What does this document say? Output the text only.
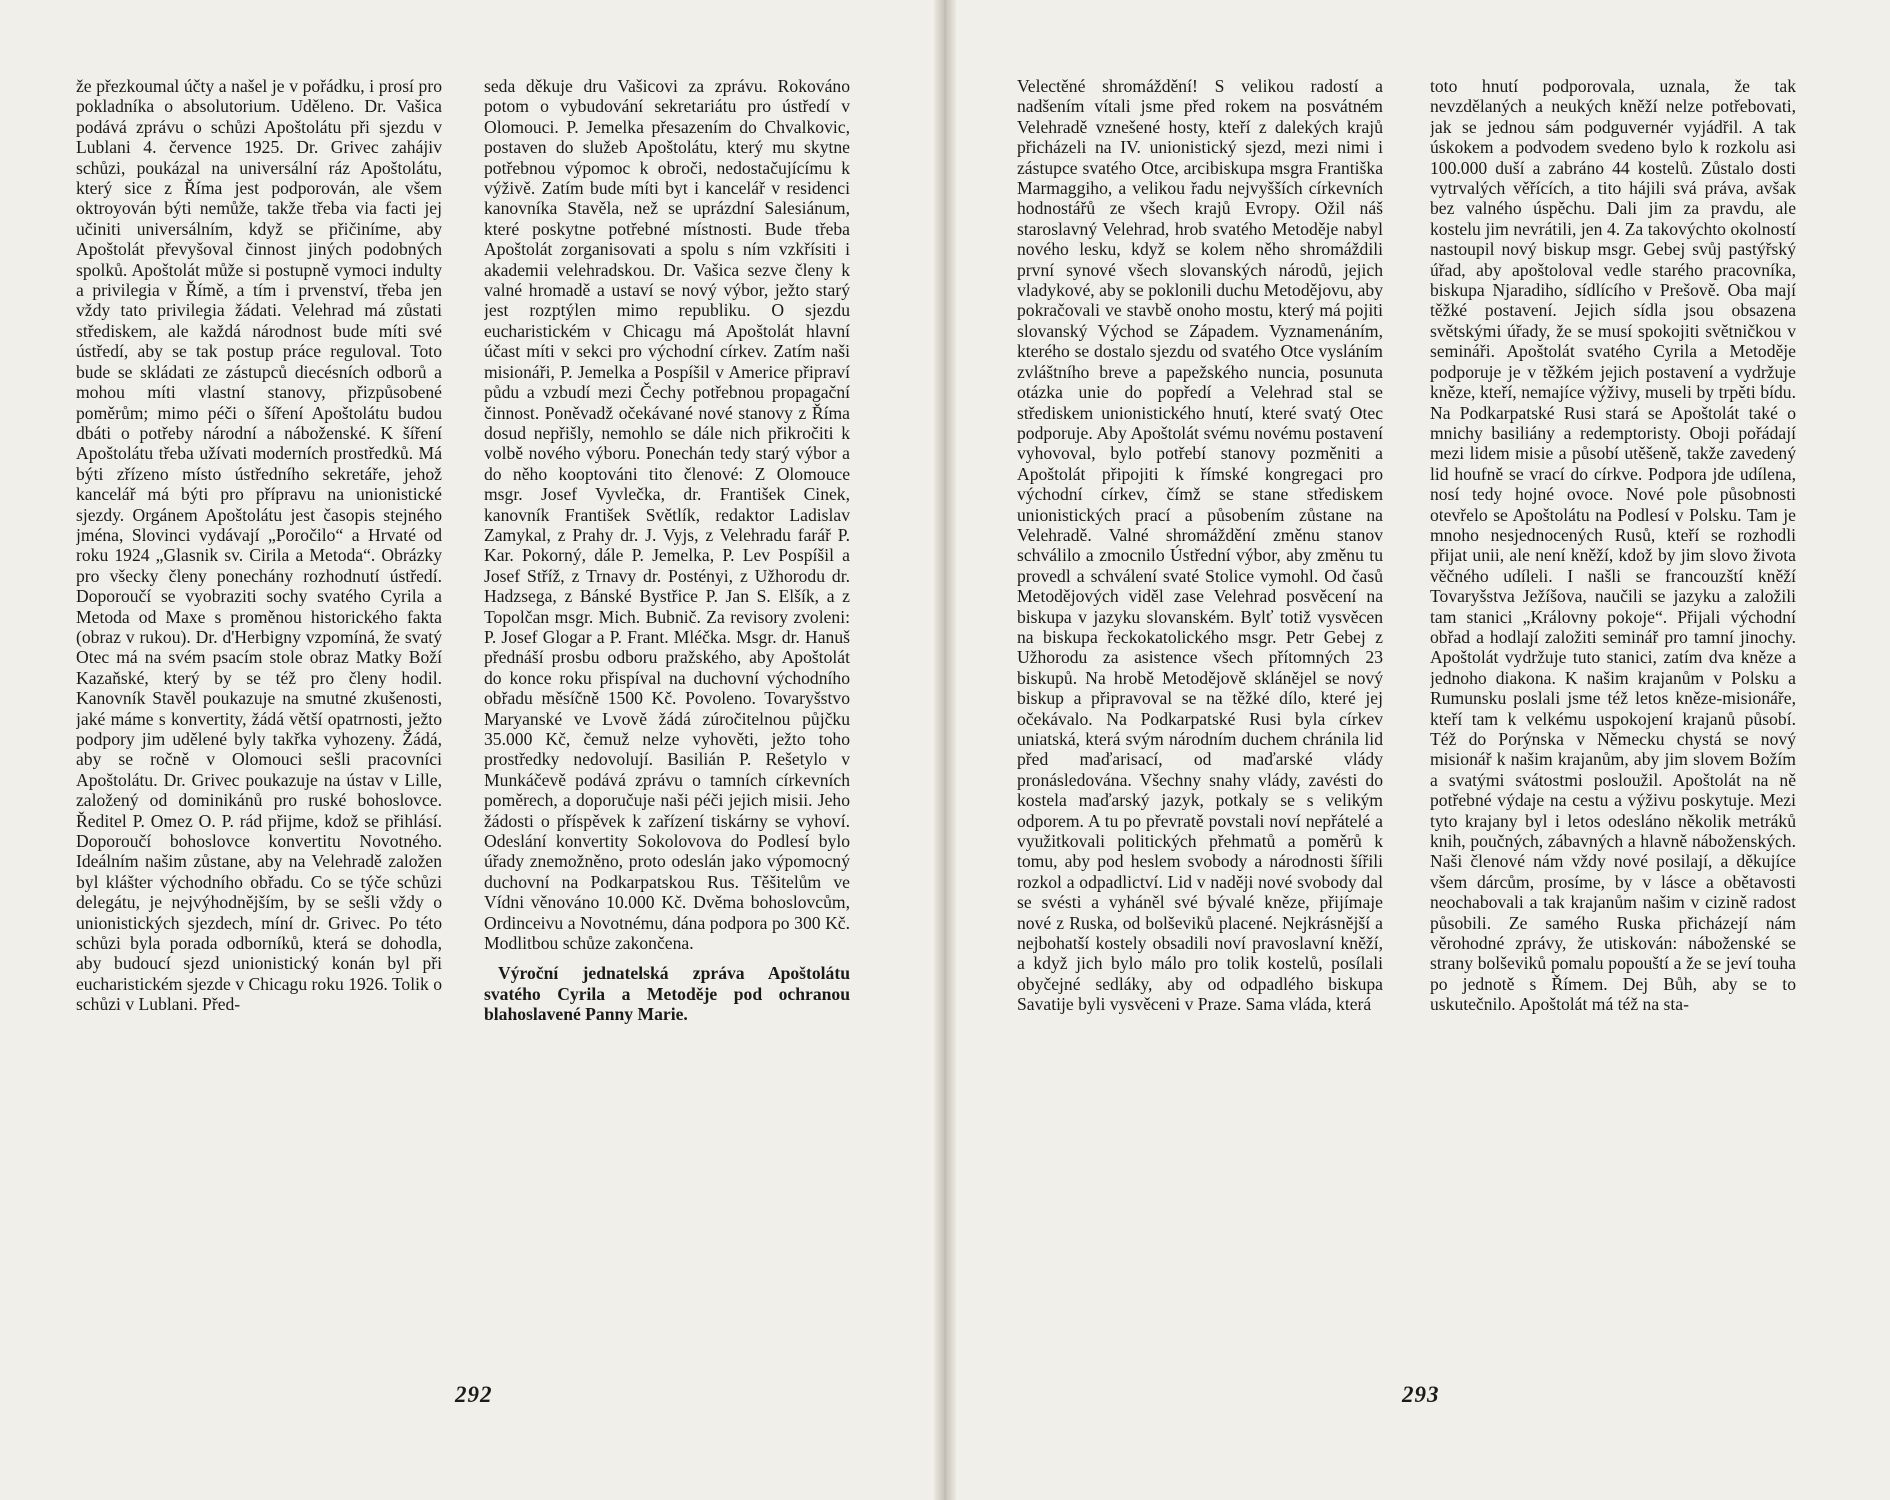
že přezkoumal účty a našel je v pořádku, i prosí pro pokladníka o absolutorium. Uděleno. Dr. Vašica podává zprávu o schůzi Apoštolátu při sjezdu v Lublani 4. července 1925. Dr. Grivec zahájiv schůzi, poukázal na universální ráz Apoštolátu, který sice z Říma jest podporován, ale všem oktroyován býti nemůže, takže třeba via facti jej učiniti universálním, když se přičiníme, aby Apoštolát převyšoval činnost jiných podobných spolků. Apoštolát může si postupně vymoci indulty a privilegia v Římě, a tím i prvenství, třeba jen vždy tato privilegia žádati. Velehrad má zůstati střediskem, ale každá národnost bude míti své ústředí, aby se tak postup práce reguloval. Toto bude se skládati ze zástupců diecésních odborů a mohou míti vlastní stanovy, přizpůsobené poměrům; mimo péči o šíření Apoštolátu budou dbáti o potřeby národní a náboženské. K šíření Apoštolátu třeba užívati moderních prostředků. Má býti zřízeno místo ústředního sekretáře, jehož kancelář má býti pro přípravu na unionistické sjezdy. Orgánem Apoštolátu jest časopis stejného jména, Slovinci vydávají „Poročilo“ a Hrvaté od roku 1924 „Glasnik sv. Cirila a Metoda“. Obrázky pro všecky členy ponechány rozhodnutí ústředí. Doporoučí se vyobraziti sochy svatého Cyrila a Metoda od Maxe s proměnou historického fakta (obraz v rukou). Dr. d'Herbigny vzpomíná, že svatý Otec má na svém psacím stole obraz Matky Boží Kazaňské, který by se též pro členy hodil. Kanovník Stavěl poukazuje na smutné zkušenosti, jaké máme s konvertity, žádá větší opatrnosti, ježto podpory jim udělené byly takřka vyhozeny. Žádá, aby se ročně v Olomouci sešli pracovníci Apoštolátu. Dr. Grivec poukazuje na ústav v Lille, založený od dominikánů pro ruské bohoslovce. Ředitel P. Omez O. P. rád přijme, kdož se přihlásí. Doporoučí bohoslovce konvertitu Novotného. Ideálním našim zůstane, aby na Velehradě založen byl klášter východního obřadu. Co se týče schůzi delegátu, je nejvýhodnějším, by se sešli vždy o unionistických sjezdech, míní dr. Grivec. Po této schůzi byla porada odborníků, která se dohodla, aby budoucí sjezd unionistický konán byl při eucharistickém sjezde v Chicagu roku 1926. Tolik o schůzi v Lublani. Před-

seda děkuje dru Vašicovi za zprávu. Rokováno potom o vybudování sekretariátu pro ústředí v Olomouci. P. Jemelka přesazením do Chvalkovic, postaven do služeb Apoštolátu, který mu skytne potřebnou výpomoc k obroči, nedostačujícímu k výživě. Zatím bude míti byt i kancelář v residenci kanovníka Stavěla, než se uprázdní Salesiánum, které poskytne potřebné místnosti. Bude třeba Apoštolát zorganisovati a spolu s ním vzkřísiti i akademii velehradskou. Dr. Vašica sezve členy k valné hromadě a ustaví se nový výbor, ježto starý jest rozptýlen mimo republiku. O sjezdu eucharistickém v Chicagu má Apoštolát hlavní účast míti v sekci pro východní církev. Zatím naši misionáři, P. Jemelka a Pospíšil v Americe připraví půdu a vzbudí mezi Čechy potřebnou propagační činnost. Poněvadž očekávané nové stanovy z Říma dosud nepřišly, nemohlo se dále nich přikročiti k volbě nového výboru. Ponechán tedy starý výbor a do něho kooptováni tito členové: Z Olomouce msgr. Josef Vyvlečka, dr. František Cinek, kanovník František Světlík, redaktor Ladislav Zamykal, z Prahy dr. J. Vyjs, z Velehradu farář P. Kar. Pokorný, dále P. Jemelka, P. Lev Pospíšil a Josef Stříž, z Trnavy dr. Postényi, z Užhorodu dr. Hadzsega, z Bánské Bystřice P. Jan S. Elšík, a z Topolčan msgr. Mich. Bubnič. Za revisory zvoleni: P. Josef Glogar a P. Frant. Mléčka. Msgr. dr. Hanuš přednáší prosbu odboru pražského, aby Apoštolát do konce roku přispíval na duchovní východního obřadu měsíčně 1500 Kč. Povoleno. Tovaryšstvo Maryanské ve Lvově žádá zúročitelnou půjčku 35.000 Kč, čemuž nelze vyhověti, ježto toho prostředky nedovolují. Basilián P. Rešetylo v Munkáčevě podává zprávu o tamních církevních poměrech, a doporučuje naši péči jejich misii. Jeho žádosti o příspěvek k zařízení tiskárny se vyhoví. Odeslání konvertity Sokolovova do Podlesí bylo úřady znemožněno, proto odeslán jako výpomocný duchovní na Podkarpatskou Rus. Těšitelům ve Vídni věnováno 10.000 Kč. Dvěma bohoslovcům, Ordinceivu a Novotnému, dána podpora po 300 Kč. Modlitbou schůze zakončena.

Výroční jednatelská zpráva Apoštolátu svatého Cyrila a Metoděje pod ochranou blahoslavené Panny Marie.

292

Velectěné shromáždění! S velikou radostí a nadšením vítali jsme před rokem na posvátném Velehradě vznešené hosty, kteří z dalekých krajů přicházeli na IV. unionistický sjezd, mezi nimi i zástupce svatého Otce, arcibiskupa msgra Františka Marmaggiho, a velikou řadu nejvyšších církevních hodnostářů ze všech krajů Evropy. Ožil náš staroslavný Velehrad, hrob svatého Metoděje nabyl nového lesku, když se kolem něho shromáždili první synové všech slovanských národů, jejich vladykové, aby se poklonili duchu Metodějovu, aby pokračovali ve stavbě onoho mostu, který má pojiti slovanský Východ se Západem. Vyznamenáním, kterého se dostalo sjezdu od svatého Otce vysláním zvláštního breve a papežského nuncia, posunuta otázka unie do popředí a Velehrad stal se střediskem unionistického hnutí, které svatý Otec podporuje. Aby Apoštolát svému novému postavení vyhovoval, bylo potřebí stanovy pozměniti a Apoštolát připojiti k římské kongregaci pro východní církev, čímž se stane střediskem unionistických prací a působením zůstane na Velehradě. Valné shromáždění změnu stanov schválilo a zmocnilo Ústřední výbor, aby změnu tu provedl a schválení svaté Stolice vymohl. Od časů Metodějových viděl zase Velehrad posvěcení na biskupa v jazyku slovanském. Bylť totiž vysvěcen na biskupa řeckokatolického msgr. Petr Gebej z Užhorodu za asistence všech přítomných 23 biskupů. Na hrobě Metodějově sklánějel se nový biskup a připravoval se na těžké dílo, které jej očekávalo. Na Podkarpatské Rusi byla církev uniatská, která svým národním duchem chránila lid před maďarisací, od maďarské vlády pronásledována. Všechny snahy vlády, zavésti do kostela maďarský jazyk, potkaly se s velikým odporem. A tu po převratě povstali noví nepřátelé a využitkovali politických přehmatů a poměrů k tomu, aby pod heslem svobody a národnosti šířili rozkol a odpadlictví. Lid v naději nové svobody dal se svésti a vyháněl své bývalé kněze, přijímaje nové z Ruska, od bolševiků placené. Nejkrásnější a nejbohatší kostely obsadili noví pravoslavní kněží, a když jich bylo málo pro tolik kostelů, posílali obyčejné sedláky, aby od odpadlého biskupa Savatije byli vysvěceni v Praze. Sama vláda, která

toto hnutí podporovala, uznala, že tak nevzdělaných a neukých kněží nelze potřebovati, jak se jednou sám podguvernér vyjádřil. A tak úskokem a podvodem svedeno bylo k rozkolu asi 100.000 duší a zabráno 44 kostelů. Zůstalo dosti vytrvalých věřících, a tito hájili svá práva, avšak bez valného úspěchu. Dali jim za pravdu, ale kostelu jim nevrátili, jen 4. Za takovýchto okolností nastoupil nový biskup msgr. Gebej svůj pastýřský úřad, aby apoštoloval vedle starého pracovníka, biskupa Njaradiho, sídlícího v Prešově. Oba mají těžké postavení. Jejich sídla jsou obsazena světskými úřady, že se musí spokojiti světničkou v semináři. Apoštolát svatého Cyrila a Metoděje podporuje je v těžkém jejich postavení a vydržuje kněze, kteří, nemajíce výživy, museli by trpěti bídu. Na Podkarpatské Rusi stará se Apoštolát také o mnichy basiliány a redemptoristy. Oboji pořádají mezi lidem misie a působí utěšeně, takže zavedený lid houfně se vrací do církve. Podpora jde udílena, nosí tedy hojné ovoce. Nové pole působnosti otevřelo se Apoštolátu na Podlesí v Polsku. Tam je mnoho nesjednocených Rusů, kteří se rozhodli přijat unii, ale není kněží, kdož by jim slovo života věčného udíleli. I našli se francouzští kněží Tovaryšstva Ježíšova, naučili se jazyku a založili tam stanici „Královny pokoje“. Přijali východní obřad a hodlají založiti seminář pro tamní jinochy. Apoštolát vydržuje tuto stanici, zatím dva kněze a jednoho diakona. K našim krajanům v Polsku a Rumunsku poslali jsme též letos kněze-misionáře, kteří tam k velkému uspokojení krajanů působí. Též do Porýnska v Německu chystá se nový misionář k našim krajanům, aby jim slovem Božím a svatými svátostmi posloužil. Apoštolát na ně potřebné výdaje na cestu a výživu poskytuje. Mezi tyto krajany byl i letos odesláno několik metráků knih, poučných, zábavných a hlavně náboženských. Naši členové nám vždy nové posilají, a děkujíce všem dárcům, prosíme, by v lásce a obětavosti neochabovali a tak krajanům našim v cizině radost působili. Ze samého Ruska přicházejí nám věrohodné zprávy, že utiskován: náboženské se strany bolševiků pomalu popouští a že se jeví touha po jednotě s Římem. Dej Bůh, aby se to uskutečnilo. Apoštolát má též na sta-

293
